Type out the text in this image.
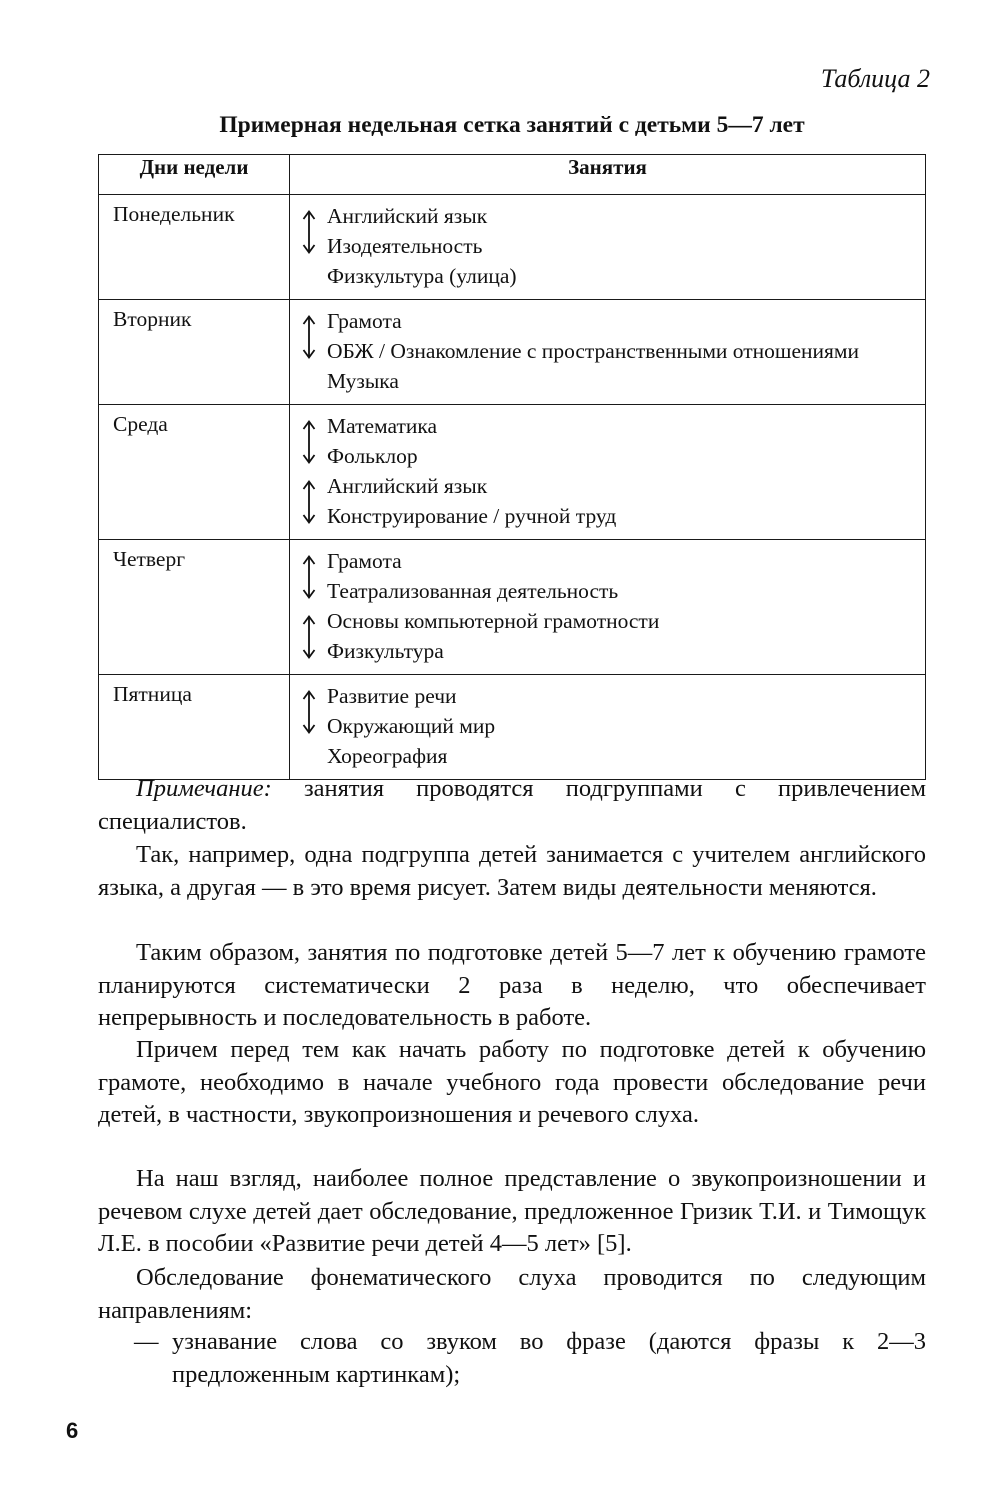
Таблица 2
Примерная недельная сетка занятий с детьми 5—7 лет
Дни недели	Занятия
Понедельник	Английский язык
Изодеятельность
Физкультура (улица)

Вторник	Грамота
ОБЖ / Ознакомление с пространственными отношениями
Музыка

Среда	Математика
Фольклор
Английский язык
Конструирование / ручной труд

Четверг	Грамота
Театрализованная деятельность
Основы компьютерной грамотности
Физкультура

Пятница	Развитие речи
Окружающий мир
Хореография

Примечание: занятия проводятся подгруппами с привлечением специалистов.

Так, например, одна подгруппа детей занимается с учителем английского языка, а другая — в это время рисует. Затем виды деятельности меняются.

Таким образом, занятия по подготовке детей 5—7 лет к обучению грамоте планируются систематически 2 раза в неделю, что обеспечивает непрерывность и последовательность в работе.

Причем перед тем как начать работу по подготовке детей к обучению грамоте, необходимо в начале учебного года провести обследование речи детей, в частности, звукопроизношения и речевого слуха.

На наш взгляд, наиболее полное представление о звукопроизношении и речевом слухе детей дает обследование, предложенное Гризик Т.И. и Тимощук Л.Е. в пособии «Развитие речи детей 4—5 лет» [5].

Обследование фонематического слуха проводится по следующим направлениям:

— узнавание слова со звуком во фразе (даются фразы к 2—3 предложенным картинкам);
6
